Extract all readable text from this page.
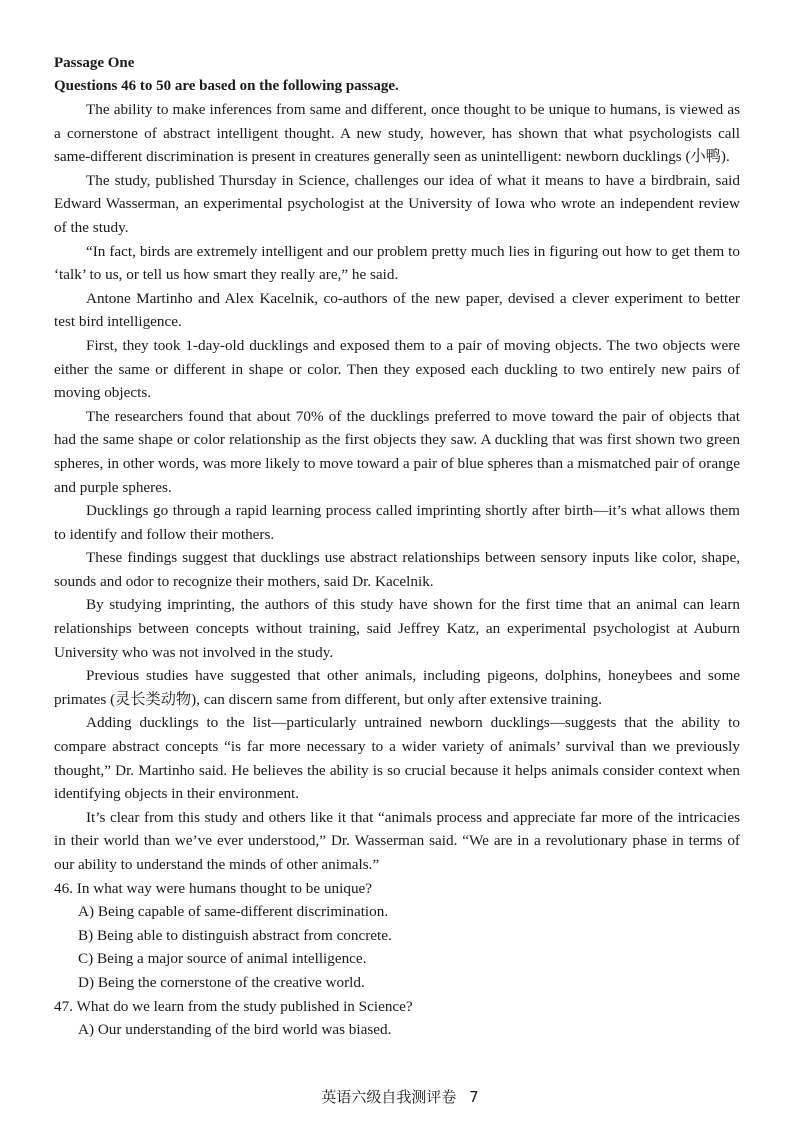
Passage One

Questions 46 to 50 are based on the following passage.

The ability to make inferences from same and different, once thought to be unique to humans, is viewed as a cornerstone of abstract intelligent thought. A new study, however, has shown that what psychologists call same-different discrimination is present in creatures generally seen as unintelligent: newborn ducklings (小鸭).

The study, published Thursday in Science, challenges our idea of what it means to have a birdbrain, said Edward Wasserman, an experimental psychologist at the University of Iowa who wrote an independent review of the study.

“In fact, birds are extremely intelligent and our problem pretty much lies in figuring out how to get them to ‘talk’ to us, or tell us how smart they really are,” he said.

Antone Martinho and Alex Kacelnik, co-authors of the new paper, devised a clever experiment to better test bird intelligence.

First, they took 1-day-old ducklings and exposed them to a pair of moving objects. The two objects were either the same or different in shape or color. Then they exposed each duckling to two entirely new pairs of moving objects.

The researchers found that about 70% of the ducklings preferred to move toward the pair of objects that had the same shape or color relationship as the first objects they saw. A duckling that was first shown two green spheres, in other words, was more likely to move toward a pair of blue spheres than a mismatched pair of orange and purple spheres.

Ducklings go through a rapid learning process called imprinting shortly after birth—it’s what allows them to identify and follow their mothers.

These findings suggest that ducklings use abstract relationships between sensory inputs like color, shape, sounds and odor to recognize their mothers, said Dr. Kacelnik.

By studying imprinting, the authors of this study have shown for the first time that an animal can learn relationships between concepts without training, said Jeffrey Katz, an experimental psychologist at Auburn University who was not involved in the study.

Previous studies have suggested that other animals, including pigeons, dolphins, honeybees and some primates (灵长类动物), can discern same from different, but only after extensive training.

Adding ducklings to the list—particularly untrained newborn ducklings—suggests that the ability to compare abstract concepts “is far more necessary to a wider variety of animals’ survival than we previously thought,” Dr. Martinho said. He believes the ability is so crucial because it helps animals consider context when identifying objects in their environment.

It’s clear from this study and others like it that “animals process and appreciate far more of the intricacies in their world than we’ve ever understood,” Dr. Wasserman said. “We are in a revolutionary phase in terms of our ability to understand the minds of other animals.”

46. In what way were humans thought to be unique?

A) Being capable of same-different discrimination.

B) Being able to distinguish abstract from concrete.

C) Being a major source of animal intelligence.

D) Being the cornerstone of the creative world.

47. What do we learn from the study published in Science?

A) Our understanding of the bird world was biased.

英语六级自我测评卷 7
